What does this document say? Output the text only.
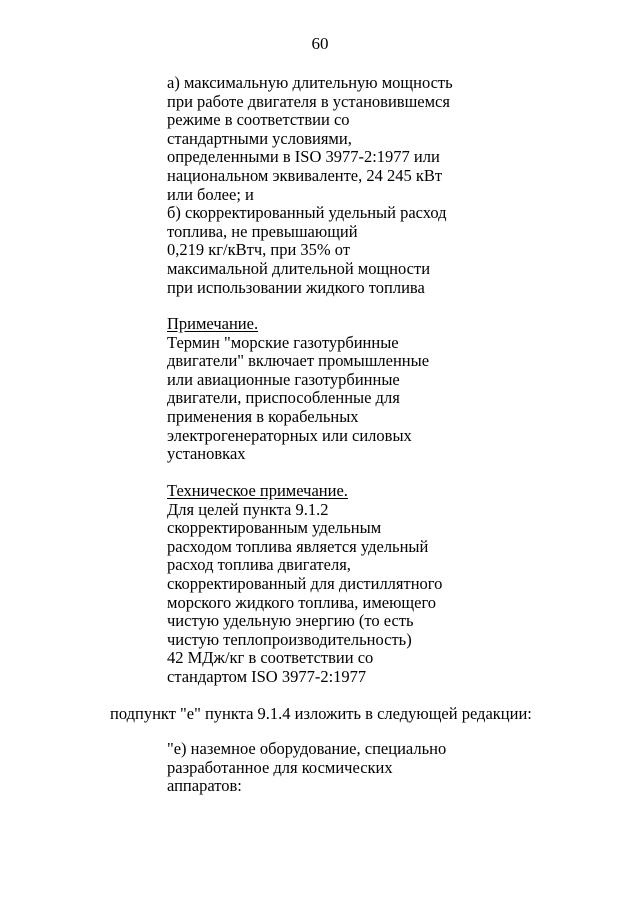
60
а) максимальную длительную мощность
при работе двигателя в установившемся
режиме в соответствии со
стандартными условиями,
определенными в ISO 3977-2:1977 или
национальном эквиваленте, 24 245 кВт
или более; и
б) скорректированный удельный расход
топлива, не превышающий
0,219 кг/кВтч, при 35% от
максимальной длительной мощности
при использовании жидкого топлива
Примечание.
Термин "морские газотурбинные
двигатели" включает промышленные
или авиационные газотурбинные
двигатели, приспособленные для
применения в корабельных
электрогенераторных или силовых
установках
Техническое примечание.
Для целей пункта 9.1.2
скорректированным удельным
расходом топлива является удельный
расход топлива двигателя,
скорректированный для дистиллятного
морского жидкого топлива, имеющего
чистую удельную энергию (то есть
чистую теплопроизводительность)
42 МДж/кг в соответствии со
стандартом ISO 3977-2:1977
подпункт "е" пункта 9.1.4 изложить в следующей редакции:
"е) наземное оборудование, специально
разработанное для космических
аппаратов:
